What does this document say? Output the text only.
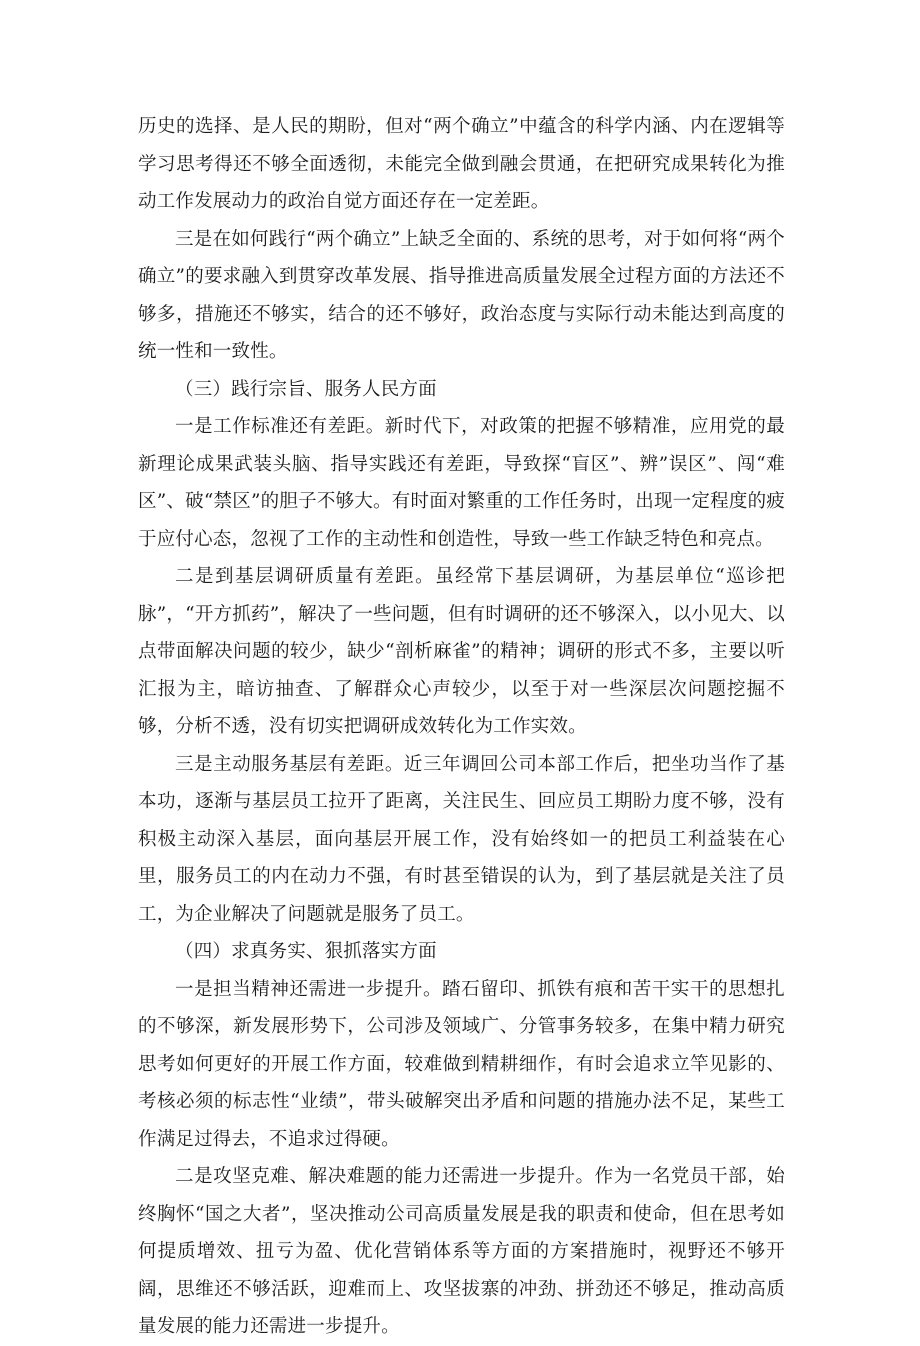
历史的选择、是人民的期盼，但对“两个确立”中蕴含的科学内涵、内在逻辑等学习思考得还不够全面透彻，未能完全做到融会贯通，在把研究成果转化为推动工作发展动力的政治自觉方面还存在一定差距。

三是在如何践行“两个确立”上缺乏全面的、系统的思考，对于如何将“两个确立”的要求融入到贯穿改革发展、指导推进高质量发展全过程方面的方法还不够多，措施还不够实，结合的还不够好，政治态度与实际行动未能达到高度的统一性和一致性。

（三）践行宗旨、服务人民方面

一是工作标准还有差距。新时代下，对政策的把握不够精准，应用党的最新理论成果武装头脑、指导实践还有差距，导致探“盲区”、辨”误区”、闯“难区”、破“禁区”的胆子不够大。有时面对繁重的工作任务时，出现一定程度的疲于应付心态，忽视了工作的主动性和创造性，导致一些工作缺乏特色和亮点。

二是到基层调研质量有差距。虽经常下基层调研，为基层单位“巡诊把脉”，“开方抓药”，解决了一些问题，但有时调研的还不够深入，以小见大、以点带面解决问题的较少，缺少“剖析麻雀”的精神；调研的形式不多，主要以听汇报为主，暗访抽查、了解群众心声较少，以至于对一些深层次问题挖掘不够，分析不透，没有切实把调研成效转化为工作实效。

三是主动服务基层有差距。近三年调回公司本部工作后，把坐功当作了基本功，逐渐与基层员工拉开了距离，关注民生、回应员工期盼力度不够，没有积极主动深入基层，面向基层开展工作，没有始终如一的把员工利益装在心里，服务员工的内在动力不强，有时甚至错误的认为，到了基层就是关注了员工，为企业解决了问题就是服务了员工。

（四）求真务实、狠抓落实方面

一是担当精神还需进一步提升。踏石留印、抓铁有痕和苦干实干的思想扎的不够深，新发展形势下，公司涉及领域广、分管事务较多，在集中精力研究思考如何更好的开展工作方面，较难做到精耕细作，有时会追求立竿见影的、考核必须的标志性“业绩”，带头破解突出矛盾和问题的措施办法不足，某些工作满足过得去，不追求过得硬。

二是攻坚克难、解决难题的能力还需进一步提升。作为一名党员干部，始终胸怀“国之大者”，坚决推动公司高质量发展是我的职责和使命，但在思考如何提质增效、扭亏为盈、优化营销体系等方面的方案措施时，视野还不够开阔，思维还不够活跃，迎难而上、攻坚拔寨的冲劲、拼劲还不够足，推动高质量发展的能力还需进一步提升。
